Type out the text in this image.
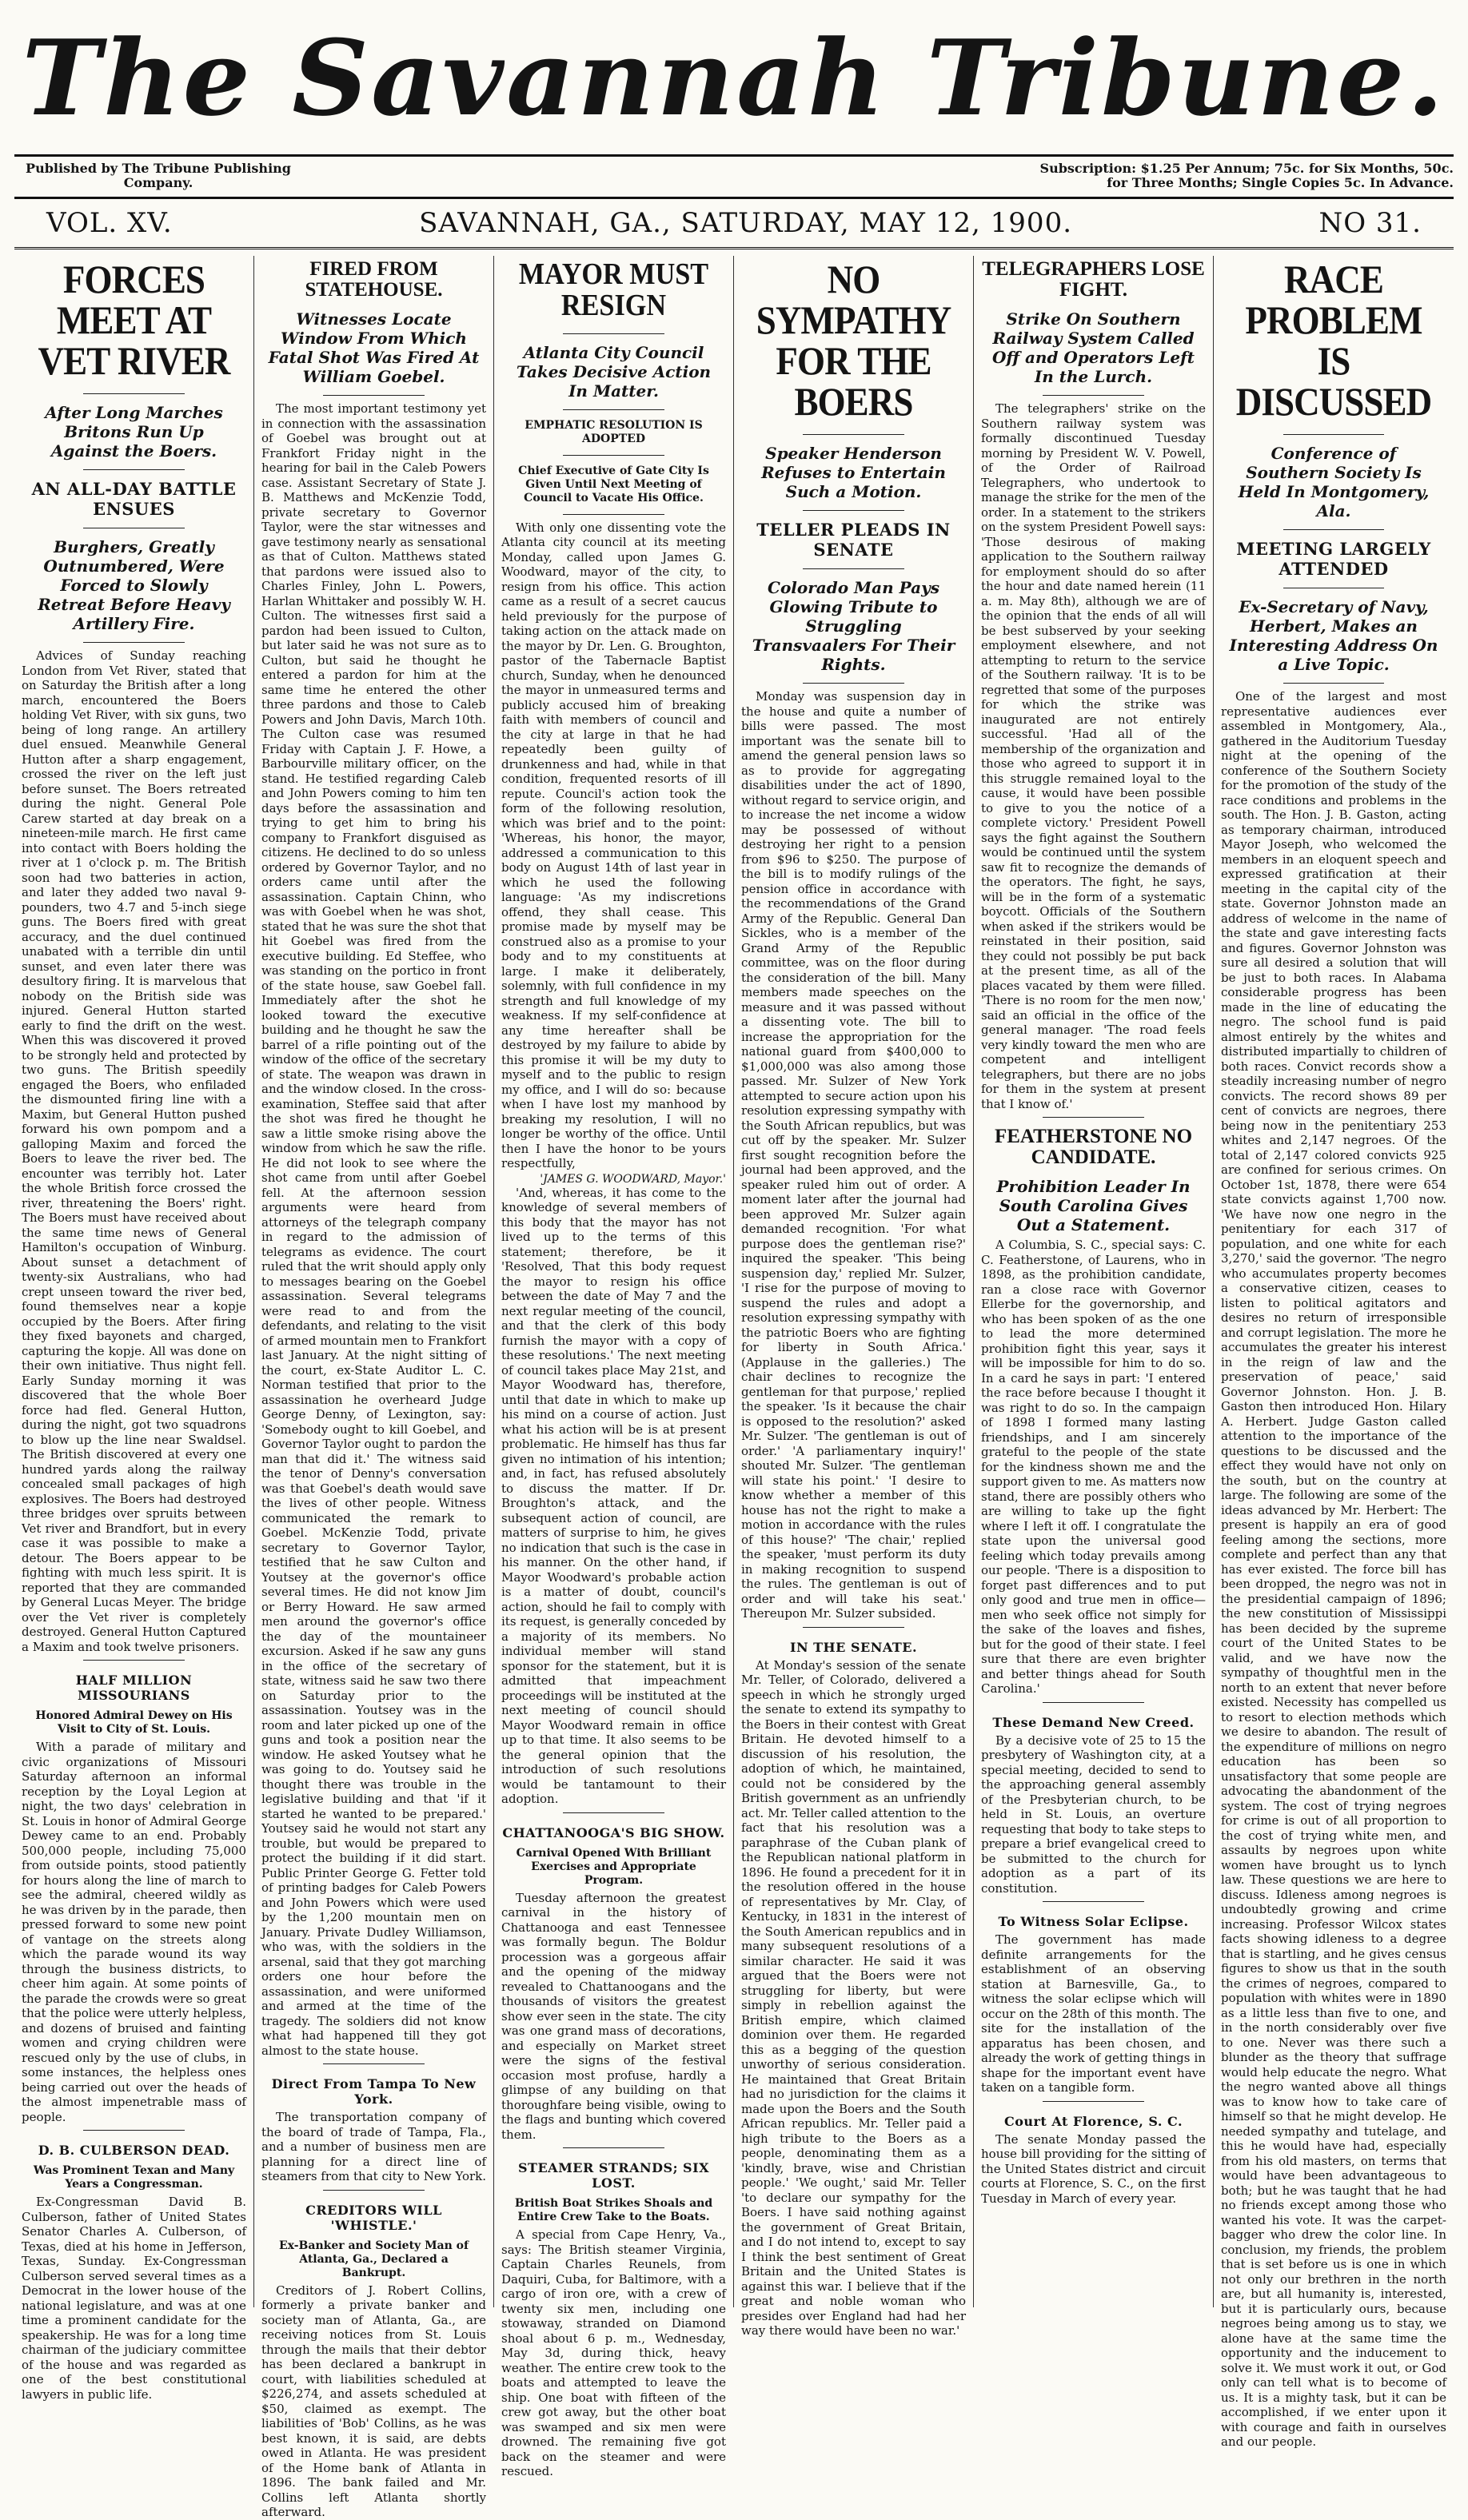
The Savannah Tribune.
Published by The Tribune Publishing Company.
Subscription: $1.25 Per Annum; 75c. for Six Months, 50c. for Three Months; Single Copies 5c. In Advance.
VOL. XV.	SAVANNAH, GA., SATURDAY, MAY 12, 1900.	NO 31.
FORCES MEET AT VET RIVER
After Long Marches Britons Run Up Against the Boers.
AN ALL-DAY BATTLE ENSUES
Burghers, Greatly Outnumbered, Were Forced to Slowly Retreat Before Heavy Artillery Fire.

Advices of Sunday reaching London from Vet River, stated that on Saturday the British after a long march, encountered the Boers holding Vet River, with six guns, two being of long range. An artillery duel ensued. Meanwhile General Hutton after a sharp engagement, crossed the river on the left just before sunset. The Boers retreated during the night. General Pole Carew started at day break on a nineteen-mile march. He first came into contact with Boers holding the river at 1 o'clock p. m. The British soon had two batteries in action, and later they added two naval 9-pounders, two 4.7 and 5-inch siege guns. The Boers fired with great accuracy, and the duel continued unabated with a terrible din until sunset, and even later there was desultory firing. It is marvelous that nobody on the British side was injured. General Hutton started early to find the drift on the west. When this was discovered it proved to be strongly held and protected by two guns. The British speedily engaged the Boers, who enfiladed the dismounted firing line with a Maxim, but General Hutton pushed forward his own pompom and a galloping Maxim and forced the Boers to leave the river bed. The encounter was terribly hot. Later the whole British force crossed the river, threatening the Boers' right. The Boers must have received about the same time news of General Hamilton's occupation of Winburg. About sunset a detachment of twenty-six Australians, who had crept unseen toward the river bed, found themselves near a kopje occupied by the Boers. After firing they fixed bayonets and charged, capturing the kopje. All was done on their own initiative. Thus night fell. Early Sunday morning it was discovered that the whole Boer force had fled. General Hutton, during the night, got two squadrons to blow up the line near Swaldsel. The British discovered at every one hundred yards along the railway concealed small packages of high explosives. The Boers had destroyed three bridges over spruits between Vet river and Brandfort, but in every case it was possible to make a detour. The Boers appear to be fighting with much less spirit. It is reported that they are commanded by General Lucas Meyer. The bridge over the Vet river is completely destroyed. General Hutton Captured a Maxim and took twelve prisoners.

HALF MILLION MISSOURIANS
Honored Admiral Dewey on His Visit to City of St. Louis.

With a parade of military and civic organizations of Missouri Saturday afternoon an informal reception by the Loyal Legion at night, the two days' celebration in St. Louis in honor of Admiral George Dewey came to an end. Probably 500,000 people, including 75,000 from outside points, stood patiently for hours along the line of march to see the admiral, cheered wildly as he was driven by in the parade, then pressed forward to some new point of vantage on the streets along which the parade wound its way through the business districts, to cheer him again. At some points of the parade the crowds were so great that the police were utterly helpless, and dozens of bruised and fainting women and crying children were rescued only by the use of clubs, in some instances, the helpless ones being carried out over the heads of the almost impenetrable mass of people.

D. B. CULBERSON DEAD.
Was Prominent Texan and Many Years a Congressman.

Ex-Congressman David B. Culberson, father of United States Senator Charles A. Culberson, of Texas, died at his home in Jefferson, Texas, Sunday. Ex-Congressman Culberson served several times as a Democrat in the lower house of the national legislature, and was at one time a prominent candidate for the speakership. He was for a long time chairman of the judiciary committee of the house and was regarded as one of the best constitutional lawyers in public life.

FIRED FROM STATEHOUSE.
Witnesses Locate Window From Which Fatal Shot Was Fired At William Goebel.

The most important testimony yet in connection with the assassination of Goebel was brought out at Frankfort Friday night in the hearing for bail in the Caleb Powers case. Assistant Secretary of State J. B. Matthews and McKenzie Todd, private secretary to Governor Taylor, were the star witnesses and gave testimony nearly as sensational as that of Culton. Matthews stated that pardons were issued also to Charles Finley, John L. Powers, Harlan Whittaker and possibly W. H. Culton. The witnesses first said a pardon had been issued to Culton, but later said he was not sure as to Culton, but said he thought he entered a pardon for him at the same time he entered the other three pardons and those to Caleb Powers and John Davis, March 10th. The Culton case was resumed Friday with Captain J. F. Howe, a Barbourville military officer, on the stand. He testified regarding Caleb and John Powers coming to him ten days before the assassination and trying to get him to bring his company to Frankfort disguised as citizens. He declined to do so unless ordered by Governor Taylor, and no orders came until after the assassination. Captain Chinn, who was with Goebel when he was shot, stated that he was sure the shot that hit Goebel was fired from the executive building. Ed Steffee, who was standing on the portico in front of the state house, saw Goebel fall. Immediately after the shot he looked toward the executive building and he thought he saw the barrel of a rifle pointing out of the window of the office of the secretary of state. The weapon was drawn in and the window closed. In the cross-examination, Steffee said that after the shot was fired he thought he saw a little smoke rising above the window from which he saw the rifle. He did not look to see where the shot came from until after Goebel fell. At the afternoon session arguments were heard from attorneys of the telegraph company in regard to the admission of telegrams as evidence. The court ruled that the writ should apply only to messages bearing on the Goebel assassination. Several telegrams were read to and from the defendants, and relating to the visit of armed mountain men to Frankfort last January. At the night sitting of the court, ex-State Auditor L. C. Norman testified that prior to the assassination he overheard Judge George Denny, of Lexington, say: 'Somebody ought to kill Goebel, and Governor Taylor ought to pardon the man that did it.' The witness said the tenor of Denny's conversation was that Goebel's death would save the lives of other people. Witness communicated the remark to Goebel. McKenzie Todd, private secretary to Governor Taylor, testified that he saw Culton and Youtsey at the governor's office several times. He did not know Jim or Berry Howard. He saw armed men around the governor's office the day of the mountaineer excursion. Asked if he saw any guns in the office of the secretary of state, witness said he saw two there on Saturday prior to the assassination. Youtsey was in the room and later picked up one of the guns and took a position near the window. He asked Youtsey what he was going to do. Youtsey said he thought there was trouble in the legislative building and that 'if it started he wanted to be prepared.' Youtsey said he would not start any trouble, but would be prepared to protect the building if it did start. Public Printer George G. Fetter told of printing badges for Caleb Powers and John Powers which were used by the 1,200 mountain men on January. Private Dudley Williamson, who was, with the soldiers in the arsenal, said that they got marching orders one hour before the assassination, and were uniformed and armed at the time of the tragedy. The soldiers did not know what had happened till they got almost to the state house.

Direct From Tampa To New York.

The transportation company of the board of trade of Tampa, Fla., and a number of business men are planning for a direct line of steamers from that city to New York.

CREDITORS WILL 'WHISTLE.'
Ex-Banker and Society Man of Atlanta, Ga., Declared a Bankrupt.

Creditors of J. Robert Collins, formerly a private banker and society man of Atlanta, Ga., are receiving notices from St. Louis through the mails that their debtor has been declared a bankrupt in court, with liabilities scheduled at $226,274, and assets scheduled at $50, claimed as exempt. The liabilities of 'Bob' Collins, as he was best known, it is said, are debts owed in Atlanta. He was president of the Home bank of Atlanta in 1896. The bank failed and Mr. Collins left Atlanta shortly afterward.

MAYOR MUST RESIGN
Atlanta City Council Takes Decisive Action In Matter.
EMPHATIC RESOLUTION IS ADOPTED
Chief Executive of Gate City Is Given Until Next Meeting of Council to Vacate His Office.

With only one dissenting vote the Atlanta city council at its meeting Monday, called upon James G. Woodward, mayor of the city, to resign from his office. This action came as a result of a secret caucus held previously for the purpose of taking action on the attack made on the mayor by Dr. Len. G. Broughton, pastor of the Tabernacle Baptist church, Sunday, when he denounced the mayor in unmeasured terms and publicly accused him of breaking faith with members of council and the city at large in that he had repeatedly been guilty of drunkenness and had, while in that condition, frequented resorts of ill repute. Council's action took the form of the following resolution, which was brief and to the point: 'Whereas, his honor, the mayor, addressed a communication to this body on August 14th of last year in which he used the following language: 'As my indiscretions offend, they shall cease. This promise made by myself may be construed also as a promise to your body and to my constituents at large. I make it deliberately, solemnly, with full confidence in my strength and full knowledge of my weakness. If my self-confidence at any time hereafter shall be destroyed by my failure to abide by this promise it will be my duty to myself and to the public to resign my office, and I will do so: because when I have lost my manhood by breaking my resolution, I will no longer be worthy of the office. Until then I have the honor to be yours respectfully,

'JAMES G. WOODWARD, Mayor.'

'And, whereas, it has come to the knowledge of several members of this body that the mayor has not lived up to the terms of this statement; therefore, be it 'Resolved, That this body request the mayor to resign his office between the date of May 7 and the next regular meeting of the council, and that the clerk of this body furnish the mayor with a copy of these resolutions.' The next meeting of council takes place May 21st, and Mayor Woodward has, therefore, until that date in which to make up his mind on a course of action. Just what his action will be is at present problematic. He himself has thus far given no intimation of his intention; and, in fact, has refused absolutely to discuss the matter. If Dr. Broughton's attack, and the subsequent action of council, are matters of surprise to him, he gives no indication that such is the case in his manner. On the other hand, if Mayor Woodward's probable action is a matter of doubt, council's action, should he fail to comply with its request, is generally conceded by a majority of its members. No individual member will stand sponsor for the statement, but it is admitted that impeachment proceedings will be instituted at the next meeting of council should Mayor Woodward remain in office up to that time. It also seems to be the general opinion that the introduction of such resolutions would be tantamount to their adoption.

CHATTANOOGA'S BIG SHOW.
Carnival Opened With Brilliant Exercises and Appropriate Program.

Tuesday afternoon the greatest carnival in the history of Chattanooga and east Tennessee was formally begun. The Boldur procession was a gorgeous affair and the opening of the midway revealed to Chattanoogans and the thousands of visitors the greatest show ever seen in the state. The city was one grand mass of decorations, and especially on Market street were the signs of the festival occasion most profuse, hardly a glimpse of any building on that thoroughfare being visible, owing to the flags and bunting which covered them.

STEAMER STRANDS; SIX LOST.
British Boat Strikes Shoals and Entire Crew Take to the Boats.

A special from Cape Henry, Va., says: The British steamer Virginia, Captain Charles Reunels, from Daquiri, Cuba, for Baltimore, with a cargo of iron ore, with a crew of twenty six men, including one stowaway, stranded on Diamond shoal about 6 p. m., Wednesday, May 3d, during thick, heavy weather. The entire crew took to the boats and attempted to leave the ship. One boat with fifteen of the crew got away, but the other boat was swamped and six men were drowned. The remaining five got back on the steamer and were rescued.

NO SYMPATHY FOR THE BOERS
Speaker Henderson Refuses to Entertain Such a Motion.
TELLER PLEADS IN SENATE
Colorado Man Pays Glowing Tribute to Struggling Transvaalers For Their Rights.

Monday was suspension day in the house and quite a number of bills were passed. The most important was the senate bill to amend the general pension laws so as to provide for aggregating disabilities under the act of 1890, without regard to service origin, and to increase the net income a widow may be possessed of without destroying her right to a pension from $96 to $250. The purpose of the bill is to modify rulings of the pension office in accordance with the recommendations of the Grand Army of the Republic. General Dan Sickles, who is a member of the Grand Army of the Republic committee, was on the floor during the consideration of the bill. Many members made speeches on the measure and it was passed without a dissenting vote. The bill to increase the appropriation for the national guard from $400,000 to $1,000,000 was also among those passed. Mr. Sulzer of New York attempted to secure action upon his resolution expressing sympathy with the South African republics, but was cut off by the speaker. Mr. Sulzer first sought recognition before the journal had been approved, and the speaker ruled him out of order. A moment later after the journal had been approved Mr. Sulzer again demanded recognition. 'For what purpose does the gentleman rise?' inquired the speaker. 'This being suspension day,' replied Mr. Sulzer, 'I rise for the purpose of moving to suspend the rules and adopt a resolution expressing sympathy with the patriotic Boers who are fighting for liberty in South Africa.' (Applause in the galleries.) The chair declines to recognize the gentleman for that purpose,' replied the speaker. 'Is it because the chair is opposed to the resolution?' asked Mr. Sulzer. 'The gentleman is out of order.' 'A parliamentary inquiry!' shouted Mr. Sulzer. 'The gentleman will state his point.' 'I desire to know whether a member of this house has not the right to make a motion in accordance with the rules of this house?' 'The chair,' replied the speaker, 'must perform its duty in making recognition to suspend the rules. The gentleman is out of order and will take his seat.' Thereupon Mr. Sulzer subsided.

IN THE SENATE.

At Monday's session of the senate Mr. Teller, of Colorado, delivered a speech in which he strongly urged the senate to extend its sympathy to the Boers in their contest with Great Britain. He devoted himself to a discussion of his resolution, the adoption of which, he maintained, could not be considered by the British government as an unfriendly act. Mr. Teller called attention to the fact that his resolution was a paraphrase of the Cuban plank of the Republican national platform in 1896. He found a precedent for it in the resolution offered in the house of representatives by Mr. Clay, of Kentucky, in 1831 in the interest of the South American republics and in many subsequent resolutions of a similar character. He said it was argued that the Boers were not struggling for liberty, but were simply in rebellion against the British empire, which claimed dominion over them. He regarded this as a begging of the question unworthy of serious consideration. He maintained that Great Britain had no jurisdiction for the claims it made upon the Boers and the South African republics. Mr. Teller paid a high tribute to the Boers as a people, denominating them as a 'kindly, brave, wise and Christian people.' 'We ought,' said Mr. Teller 'to declare our sympathy for the Boers. I have said nothing against the government of Great Britain, and I do not intend to, except to say I think the best sentiment of Great Britain and the United States is against this war. I believe that if the great and noble woman who presides over England had had her way there would have been no war.'

TELEGRAPHERS LOSE FIGHT.
Strike On Southern Railway System Called Off and Operators Left In the Lurch.

The telegraphers' strike on the Southern railway system was formally discontinued Tuesday morning by President W. V. Powell, of the Order of Railroad Telegraphers, who undertook to manage the strike for the men of the order. In a statement to the strikers on the system President Powell says: 'Those desirous of making application to the Southern railway for employment should do so after the hour and date named herein (11 a. m. May 8th), although we are of the opinion that the ends of all will be best subserved by your seeking employment elsewhere, and not attempting to return to the service of the Southern railway. 'It is to be regretted that some of the purposes for which the strike was inaugurated are not entirely successful. 'Had all of the membership of the organization and those who agreed to support it in this struggle remained loyal to the cause, it would have been possible to give to you the notice of a complete victory.' President Powell says the fight against the Southern would be continued until the system saw fit to recognize the demands of the operators. The fight, he says, will be in the form of a systematic boycott. Officials of the Southern when asked if the strikers would be reinstated in their position, said they could not possibly be put back at the present time, as all of the places vacated by them were filled. 'There is no room for the men now,' said an official in the office of the general manager. 'The road feels very kindly toward the men who are competent and intelligent telegraphers, but there are no jobs for them in the system at present that I know of.'

FEATHERSTONE NO CANDIDATE.
Prohibition Leader In South Carolina Gives Out a Statement.

A Columbia, S. C., special says: C. C. Featherstone, of Laurens, who in 1898, as the prohibition candidate, ran a close race with Governor Ellerbe for the governorship, and who has been spoken of as the one to lead the more determined prohibition fight this year, says it will be impossible for him to do so. In a card he says in part: 'I entered the race before because I thought it was right to do so. In the campaign of 1898 I formed many lasting friendships, and I am sincerely grateful to the people of the state for the kindness shown me and the support given to me. As matters now stand, there are possibly others who are willing to take up the fight where I left it off. I congratulate the state upon the universal good feeling which today prevails among our people. 'There is a disposition to forget past differences and to put only good and true men in office—men who seek office not simply for the sake of the loaves and fishes, but for the good of their state. I feel sure that there are even brighter and better things ahead for South Carolina.'

These Demand New Creed.

By a decisive vote of 25 to 15 the presbytery of Washington city, at a special meeting, decided to send to the approaching general assembly of the Presbyterian church, to be held in St. Louis, an overture requesting that body to take steps to prepare a brief evangelical creed to be submitted to the church for adoption as a part of its constitution.

To Witness Solar Eclipse.

The government has made definite arrangements for the establishment of an observing station at Barnesville, Ga., to witness the solar eclipse which will occur on the 28th of this month. The site for the installation of the apparatus has been chosen, and already the work of getting things in shape for the important event have taken on a tangible form.

Court At Florence, S. C.

The senate Monday passed the house bill providing for the sitting of the United States district and circuit courts at Florence, S. C., on the first Tuesday in March of every year.

RACE PROBLEM IS DISCUSSED
Conference of Southern Society Is Held In Montgomery, Ala.
MEETING LARGELY ATTENDED
Ex-Secretary of Navy, Herbert, Makes an Interesting Address On a Live Topic.

One of the largest and most representative audiences ever assembled in Montgomery, Ala., gathered in the Auditorium Tuesday night at the opening of the conference of the Southern Society for the promotion of the study of the race conditions and problems in the south. The Hon. J. B. Gaston, acting as temporary chairman, introduced Mayor Joseph, who welcomed the members in an eloquent speech and expressed gratification at their meeting in the capital city of the state. Governor Johnston made an address of welcome in the name of the state and gave interesting facts and figures. Governor Johnston was sure all desired a solution that will be just to both races. In Alabama considerable progress has been made in the line of educating the negro. The school fund is paid almost entirely by the whites and distributed impartially to children of both races. Convict records show a steadily increasing number of negro convicts. The record shows 89 per cent of convicts are negroes, there being now in the penitentiary 253 whites and 2,147 negroes. Of the total of 2,147 colored convicts 925 are confined for serious crimes. On October 1st, 1878, there were 654 state convicts against 1,700 now. 'We have now one negro in the penitentiary for each 317 of population, and one white for each 3,270,' said the governor. 'The negro who accumulates property becomes a conservative citizen, ceases to listen to political agitators and desires no return of irresponsible and corrupt legislation. The more he accumulates the greater his interest in the reign of law and the preservation of peace,' said Governor Johnston. Hon. J. B. Gaston then introduced Hon. Hilary A. Herbert. Judge Gaston called attention to the importance of the questions to be discussed and the effect they would have not only on the south, but on the country at large. The following are some of the ideas advanced by Mr. Herbert: The present is happily an era of good feeling among the sections, more complete and perfect than any that has ever existed. The force bill has been dropped, the negro was not in the presidential campaign of 1896; the new constitution of Mississippi has been decided by the supreme court of the United States to be valid, and we have now the sympathy of thoughtful men in the north to an extent that never before existed. Necessity has compelled us to resort to election methods which we desire to abandon. The result of the expenditure of millions on negro education has been so unsatisfactory that some people are advocating the abandonment of the system. The cost of trying negroes for crime is out of all proportion to the cost of trying white men, and assaults by negroes upon white women have brought us to lynch law. These questions we are here to discuss. Idleness among negroes is undoubtedly growing and crime increasing. Professor Wilcox states facts showing idleness to a degree that is startling, and he gives census figures to show us that in the south the crimes of negroes, compared to population with whites were in 1890 as a little less than five to one, and in the north considerably over five to one. Never was there such a blunder as the theory that suffrage would help educate the negro. What the negro wanted above all things was to know how to take care of himself so that he might develop. He needed sympathy and tutelage, and this he would have had, especially from his old masters, on terms that would have been advantageous to both; but he was taught that he had no friends except among those who wanted his vote. It was the carpet-bagger who drew the color line. In conclusion, my friends, the problem that is set before us is one in which not only our brethren in the north are, but all humanity is, interested, but it is particularly ours, because negroes being among us to stay, we alone have at the same time the opportunity and the inducement to solve it. We must work it out, or God only can tell what is to become of us. It is a mighty task, but it can be accomplished, if we enter upon it with courage and faith in ourselves and our people.
